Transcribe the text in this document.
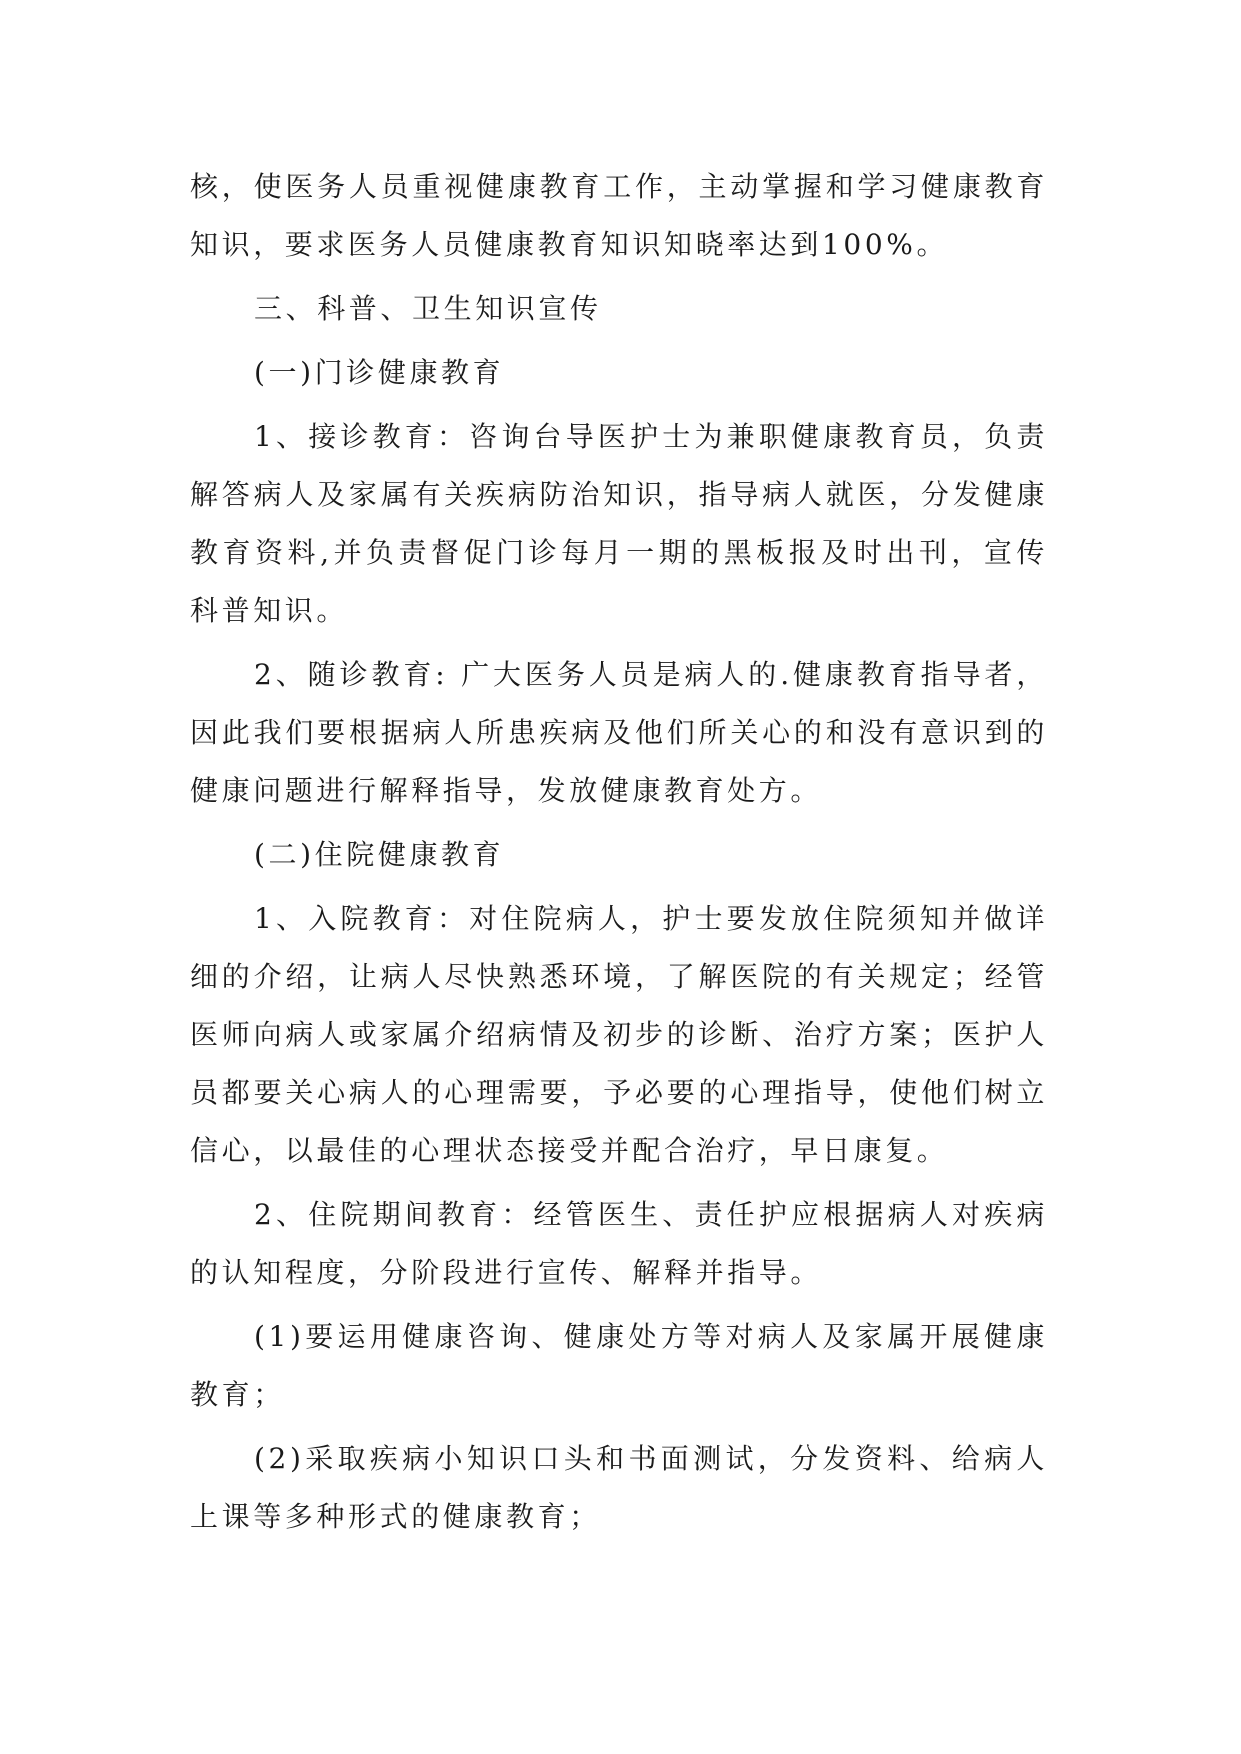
核，使医务人员重视健康教育工作，主动掌握和学习健康教育知识，要求医务人员健康教育知识知晓率达到100%。

三、科普、卫生知识宣传

(一)门诊健康教育

1、接诊教育：咨询台导医护士为兼职健康教育员，负责解答病人及家属有关疾病防治知识，指导病人就医，分发健康教育资料,并负责督促门诊每月一期的黑板报及时出刊，宣传科普知识。

2、随诊教育: 广大医务人员是病人的.健康教育指导者，因此我们要根据病人所患疾病及他们所关心的和没有意识到的健康问题进行解释指导，发放健康教育处方。

(二)住院健康教育

1、入院教育：对住院病人，护士要发放住院须知并做详细的介绍，让病人尽快熟悉环境，了解医院的有关规定；经管医师向病人或家属介绍病情及初步的诊断、治疗方案；医护人员都要关心病人的心理需要，予必要的心理指导，使他们树立信心，以最佳的心理状态接受并配合治疗，早日康复。

2、住院期间教育：经管医生、责任护应根据病人对疾病的认知程度，分阶段进行宣传、解释并指导。

(1)要运用健康咨询、健康处方等对病人及家属开展健康教育；

(2)采取疾病小知识口头和书面测试，分发资料、给病人上课等多种形式的健康教育；
